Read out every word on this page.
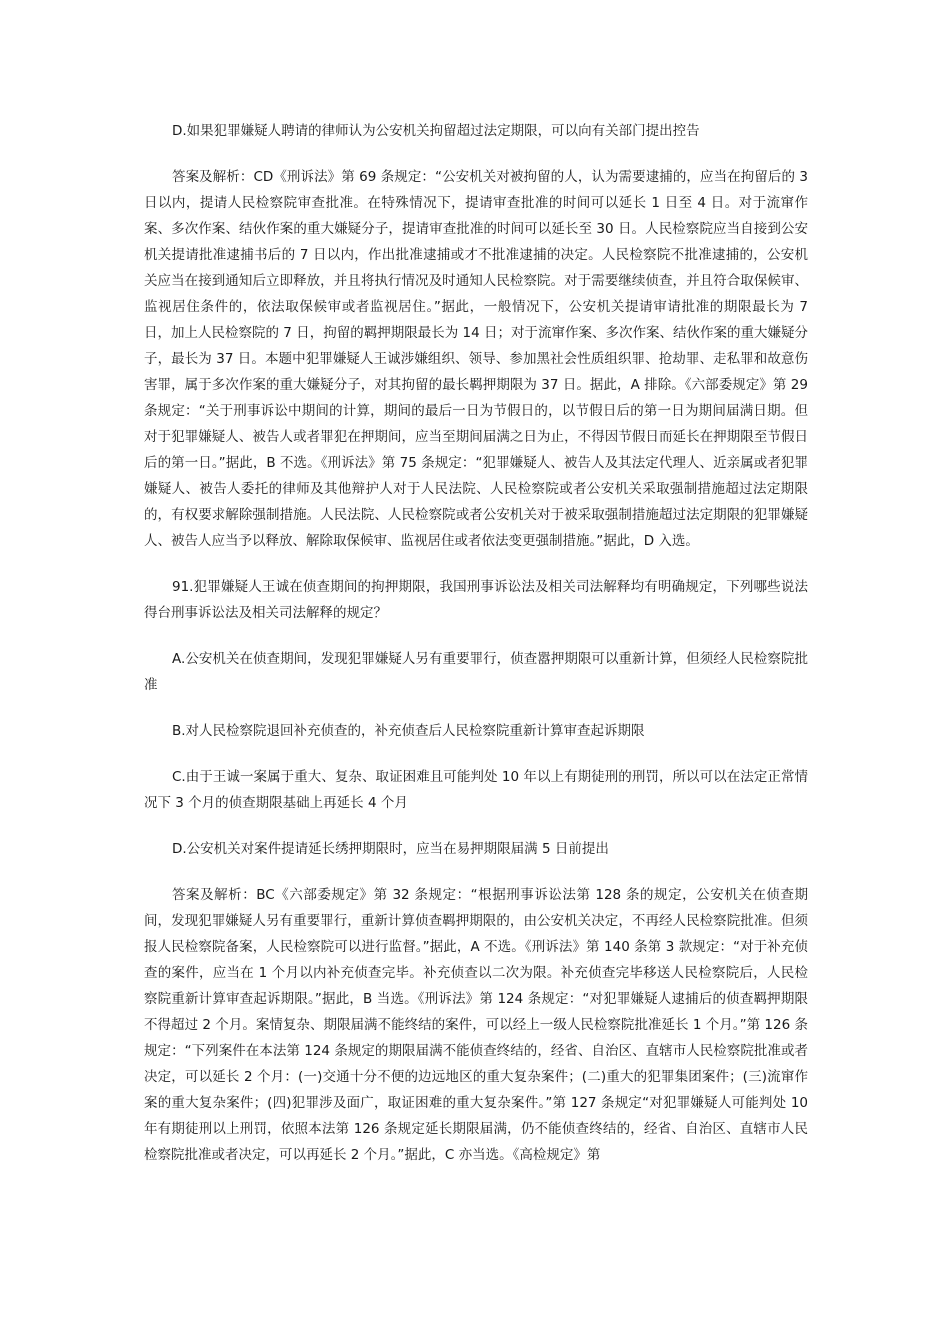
D.如果犯罪嫌疑人聘请的律师认为公安机关拘留超过法定期限，可以向有关部门提出控告

答案及解析：CD《刑诉法》第 69 条规定：“公安机关对被拘留的人，认为需要逮捕的，应当在拘留后的 3 日以内，提请人民检察院审查批准。在特殊情况下，提请审查批准的时间可以延长 1 日至 4 日。对于流窜作案、多次作案、结伙作案的重大嫌疑分子，提请审查批准的时间可以延长至 30 日。人民检察院应当自接到公安机关提请批准逮捕书后的 7 日以内，作出批准逮捕或才不批准逮捕的决定。人民检察院不批准逮捕的，公安机关应当在接到通知后立即释放，并且将执行情况及时通知人民检察院。对于需要继续侦查，并且符合取保候审、监视居住条件的，依法取保候审或者监视居住。”据此，一般情况下，公安机关提请审请批准的期限最长为 7 日，加上人民检察院的 7 日，拘留的羁押期限最长为 14 日；对于流窜作案、多次作案、结伙作案的重大嫌疑分子，最长为 37 日。本题中犯罪嫌疑人王诚涉嫌组织、领导、参加黑社会性质组织罪、抢劫罪、走私罪和故意伤害罪，属于多次作案的重大嫌疑分子，对其拘留的最长羁押期限为 37 日。据此，A 排除。《六部委规定》第 29 条规定：“关于刑事诉讼中期间的计算，期间的最后一日为节假日的，以节假日后的第一日为期间届满日期。但对于犯罪嫌疑人、被告人或者罪犯在押期间，应当至期间届满之日为止，不得因节假日而延长在押期限至节假日后的第一日。”据此，B 不选。《刑诉法》第 75 条规定：“犯罪嫌疑人、被告人及其法定代理人、近亲属或者犯罪嫌疑人、被告人委托的律师及其他辩护人对于人民法院、人民检察院或者公安机关采取强制措施超过法定期限的，有权要求解除强制措施。人民法院、人民检察院或者公安机关对于被采取强制措施超过法定期限的犯罪嫌疑人、被告人应当予以释放、解除取保候审、监视居住或者依法变更强制措施。”据此，D 入选。

91.犯罪嫌疑人王诚在侦查期间的拘押期限，我国刑事诉讼法及相关司法解释均有明确规定，下列哪些说法得台刑事诉讼法及相关司法解释的规定？

A.公安机关在侦查期间，发现犯罪嫌疑人另有重要罪行，侦查嚣押期限可以重新计算，但须经人民检察院批准

B.对人民检察院退回补充侦查的，补充侦查后人民检察院重新计算审查起诉期限

C.由于王诚一案属于重大、复杂、取证困难且可能判处 10 年以上有期徒刑的刑罚，所以可以在法定正常情况下 3 个月的侦查期限基础上再延长 4 个月

D.公安机关对案件提请延长绣押期限时，应当在易押期限届满 5 日前提出

答案及解析：BC《六部委规定》第 32 条规定：“根据刑事诉讼法第 128 条的规定，公安机关在侦查期间，发现犯罪嫌疑人另有重要罪行，重新计算侦查羁押期限的，由公安机关决定，不再经人民检察院批准。但须报人民检察院备案，人民检察院可以进行监督。”据此，A 不选。《刑诉法》第 140 条第 3 款规定：“对于补充侦查的案件，应当在 1 个月以内补充侦查完毕。补充侦查以二次为限。补充侦查完毕移送人民检察院后，人民检察院重新计算审查起诉期限。”据此，B 当选。《刑诉法》第 124 条规定：“对犯罪嫌疑人逮捕后的侦查羁押期限不得超过 2 个月。案情复杂、期限届满不能终结的案件，可以经上一级人民检察院批准延长 1 个月。”第 126 条规定：“下列案件在本法第 124 条规定的期限届满不能侦查终结的，经省、自治区、直辖市人民检察院批准或者决定，可以延长 2 个月：(一)交通十分不便的边远地区的重大复杂案件；(二)重大的犯罪集团案件；(三)流窜作案的重大复杂案件；(四)犯罪涉及面广，取证困难的重大复杂案件。”第 127 条规定“对犯罪嫌疑人可能判处 10 年有期徒刑以上刑罚，依照本法第 126 条规定延长期限届满，仍不能侦查终结的，经省、自治区、直辖市人民检察院批准或者决定，可以再延长 2 个月。”据此，C 亦当选。《高检规定》第
